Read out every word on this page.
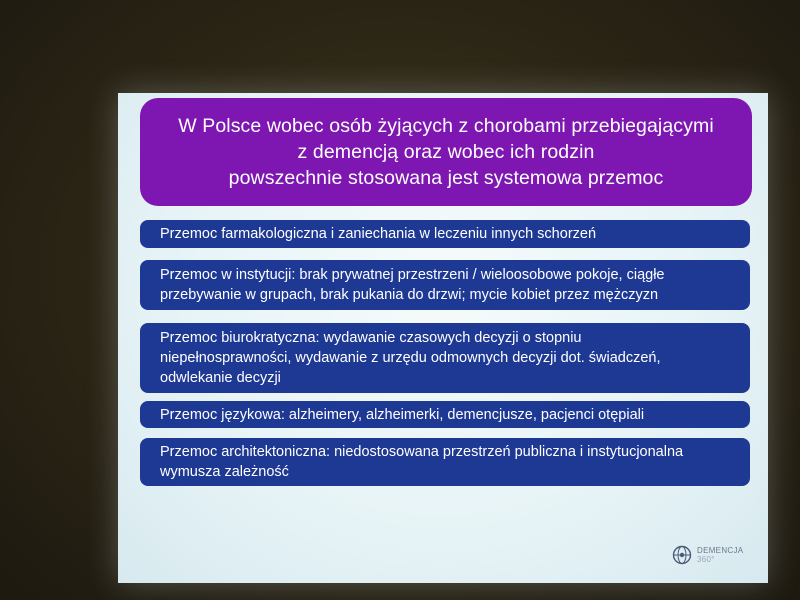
W Polsce wobec osób żyjących z chorobami przebiegającymi
z demencją oraz wobec ich rodzin
powszechnie stosowana jest systemowa przemoc
Przemoc farmakologiczna i zaniechania w leczeniu innych schorzeń
Przemoc w instytucji: brak prywatnej przestrzeni / wieloosobowe pokoje, ciągłe
przebywanie w grupach, brak pukania do drzwi; mycie kobiet przez mężczyzn
Przemoc biurokratyczna: wydawanie czasowych decyzji o stopniu
niepełnosprawności, wydawanie z urzędu odmownych decyzji dot. świadczeń,
odwlekanie decyzji
Przemoc językowa: alzheimery, alzheimerki, demencjusze, pacjenci otępiali
Przemoc architektoniczna: niedostosowana przestrzeń publiczna i instytucjonalna
wymusza zależność
DEMENCJA
360°
